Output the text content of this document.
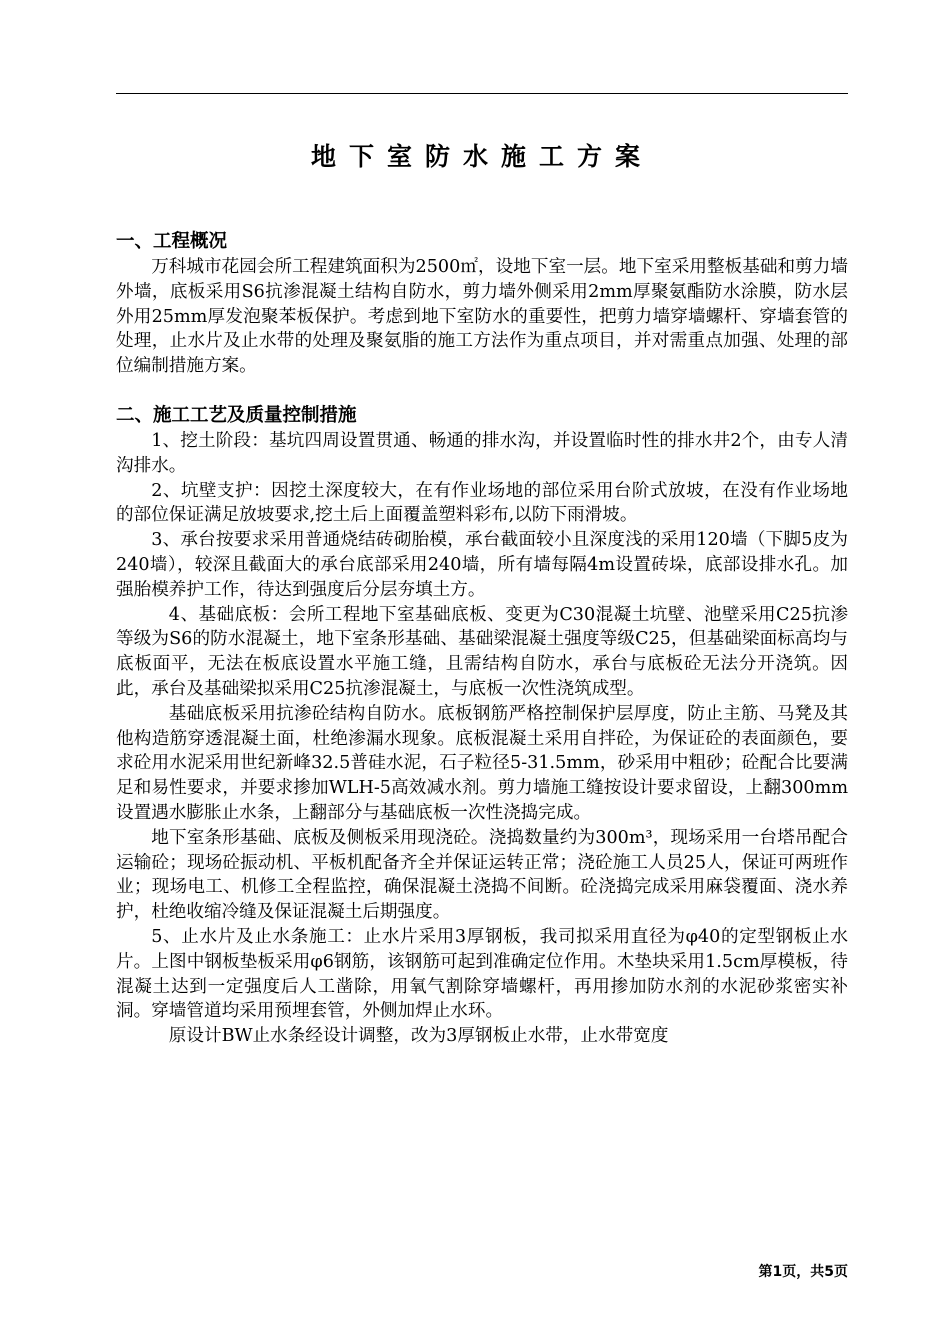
地下室防水施工方案
一、工程概况

万科城市花园会所工程建筑面积为2500㎡，设地下室一层。地下室采用整板基础和剪力墙外墙，底板采用S6抗渗混凝土结构自防水，剪力墙外侧采用2mm厚聚氨酯防水涂膜，防水层外用25mm厚发泡聚苯板保护。考虑到地下室防水的重要性，把剪力墙穿墙螺杆、穿墙套管的处理，止水片及止水带的处理及聚氨脂的施工方法作为重点项目，并对需重点加强、处理的部位编制措施方案。

二、施工工艺及质量控制措施

1、挖土阶段：基坑四周设置贯通、畅通的排水沟，并设置临时性的排水井2个，由专人清沟排水。

2、坑壁支护：因挖土深度较大，在有作业场地的部位采用台阶式放坡，在没有作业场地的部位保证满足放坡要求,挖土后上面覆盖塑料彩布,以防下雨滑坡。

3、承台按要求采用普通烧结砖砌胎模，承台截面较小且深度浅的采用120墙（下脚5皮为240墙），较深且截面大的承台底部采用240墙，所有墙每隔4m设置砖垛，底部设排水孔。加强胎模养护工作，待达到强度后分层夯填土方。

4、基础底板：会所工程地下室基础底板、变更为C30混凝土坑壁、池壁采用C25抗渗等级为S6的防水混凝土，地下室条形基础、基础梁混凝土强度等级C25，但基础梁面标高均与底板面平，无法在板底设置水平施工缝，且需结构自防水，承台与底板砼无法分开浇筑。因此，承台及基础梁拟采用C25抗渗混凝土，与底板一次性浇筑成型。

基础底板采用抗渗砼结构自防水。底板钢筋严格控制保护层厚度，防止主筋、马凳及其他构造筋穿透混凝土面，杜绝渗漏水现象。底板混凝土采用自拌砼，为保证砼的表面颜色，要求砼用水泥采用世纪新峰32.5普硅水泥，石子粒径5-31.5mm，砂采用中粗砂；砼配合比要满足和易性要求，并要求掺加WLH-5高效减水剂。剪力墙施工缝按设计要求留设，上翻300mm设置遇水膨胀止水条，上翻部分与基础底板一次性浇捣完成。

地下室条形基础、底板及侧板采用现浇砼。浇捣数量约为300m³，现场采用一台塔吊配合运输砼；现场砼振动机、平板机配备齐全并保证运转正常；浇砼施工人员25人，保证可两班作业；现场电工、机修工全程监控，确保混凝土浇捣不间断。砼浇捣完成采用麻袋覆面、浇水养护，杜绝收缩冷缝及保证混凝土后期强度。

5、止水片及止水条施工：止水片采用3厚钢板，我司拟采用直径为φ40的定型钢板止水片。上图中钢板垫板采用φ6钢筋，该钢筋可起到准确定位作用。木垫块采用1.5cm厚模板，待混凝土达到一定强度后人工凿除，用氧气割除穿墙螺杆，再用掺加防水剂的水泥砂浆密实补洞。穿墙管道均采用预埋套管，外侧加焊止水环。

原设计BW止水条经设计调整，改为3厚钢板止水带，止水带宽度

第1页，共5页
